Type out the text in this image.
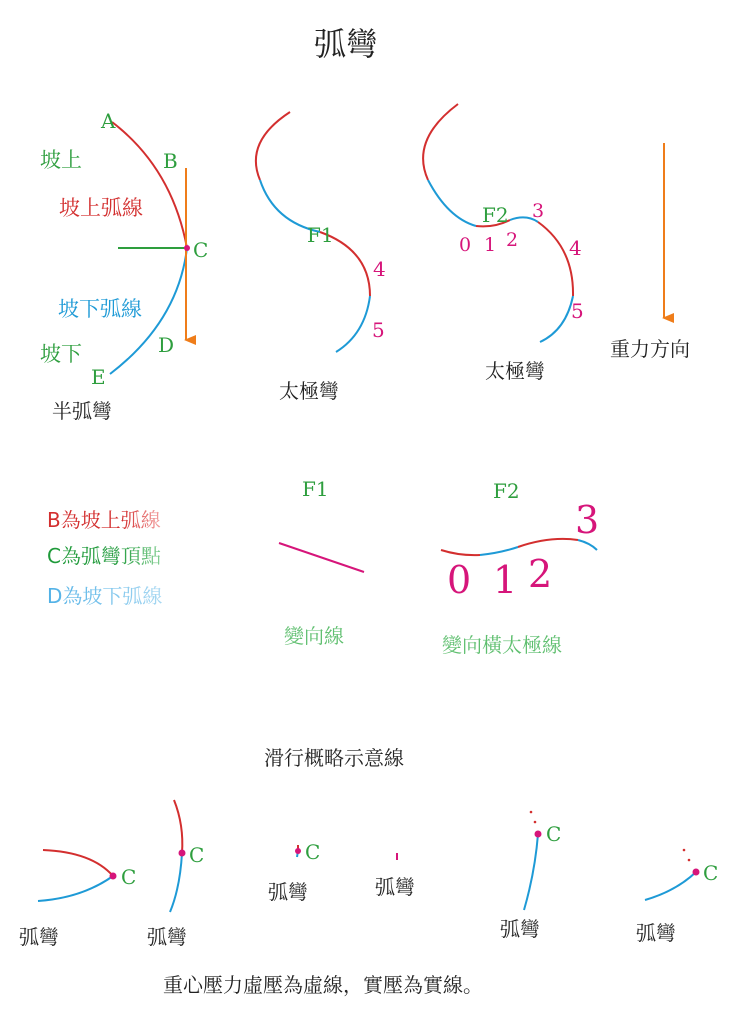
弧彎
A
B
C
D
E
坡上
坡上弧線
坡下弧線
坡下
半弧彎
F1
4
5
太極彎
F2
0 1 2
3
4
5
太極彎
重力方向
B為坡上弧線
C為弧彎頂點
D為坡下弧線
F1
變向線
F2
0 1 2
3
變向橫太極線
滑行概略示意線
C
弧彎
C
弧彎
C
弧彎	弧彎
C
弧彎
C
弧彎
重心壓力虛壓為虛線，實壓為實線。
